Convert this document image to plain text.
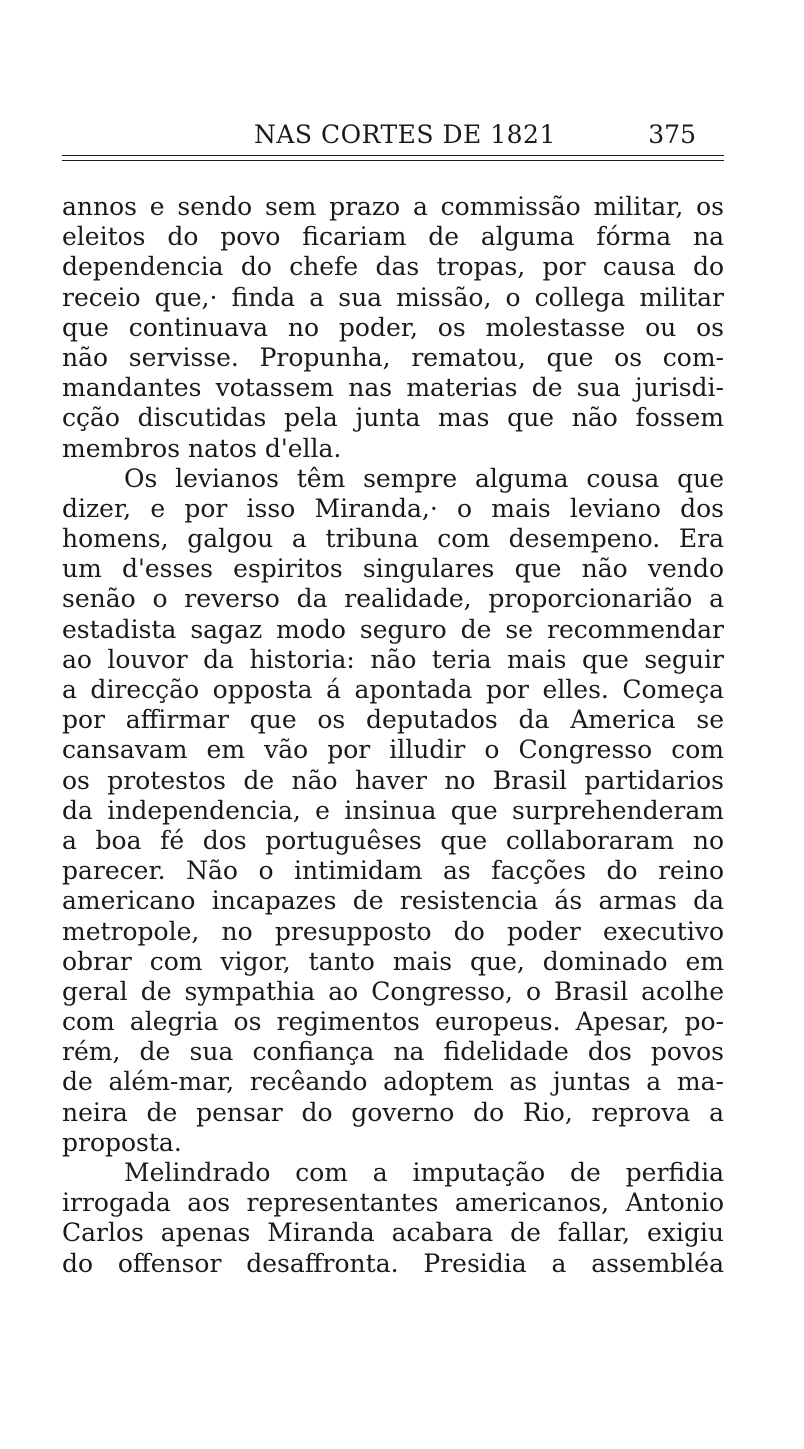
NAS CORTES DE 1821	375
annos e sendo sem prazo a commissão militar, os
eleitos do povo ficariam de alguma fórma na
dependencia do chefe das tropas, por causa do
receio que,· finda a sua missão, o collega militar
que continuava no poder, os molestasse ou os
não servisse. Propunha, rematou, que os com-
mandantes votassem nas materias de sua jurisdi-
cção discutidas pela junta mas que não fossem
membros natos d'ella.
Os levianos têm sempre alguma cousa que
dizer, e por isso Miranda,· o mais leviano dos
homens, galgou a tribuna com desempeno. Era
um d'esses espiritos singulares que não vendo
senão o reverso da realidade, proporcionarião a
estadista sagaz modo seguro de se recommendar
ao louvor da historia: não teria mais que seguir
a direcção opposta á apontada por elles. Começa
por affirmar que os deputados da America se
cansavam em vão por illudir o Congresso com
os protestos de não haver no Brasil partidarios
da independencia, e insinua que surprehenderam
a boa fé dos portuguêses que collaboraram no
parecer. Não o intimidam as facções do reino
americano incapazes de resistencia ás armas da
metropole, no presupposto do poder executivo
obrar com vigor, tanto mais que, dominado em
geral de sympathia ao Congresso, o Brasil acolhe
com alegria os regimentos europeus. Apesar, po-
rém, de sua confiança na fidelidade dos povos
de além-mar, recêando adoptem as juntas a ma-
neira de pensar do governo do Rio, reprova a
proposta.
Melindrado com a imputação de perfidia
irrogada aos representantes americanos, Antonio
Carlos apenas Miranda acabara de fallar, exigiu
do offensor desaffronta. Presidia a assembléa
